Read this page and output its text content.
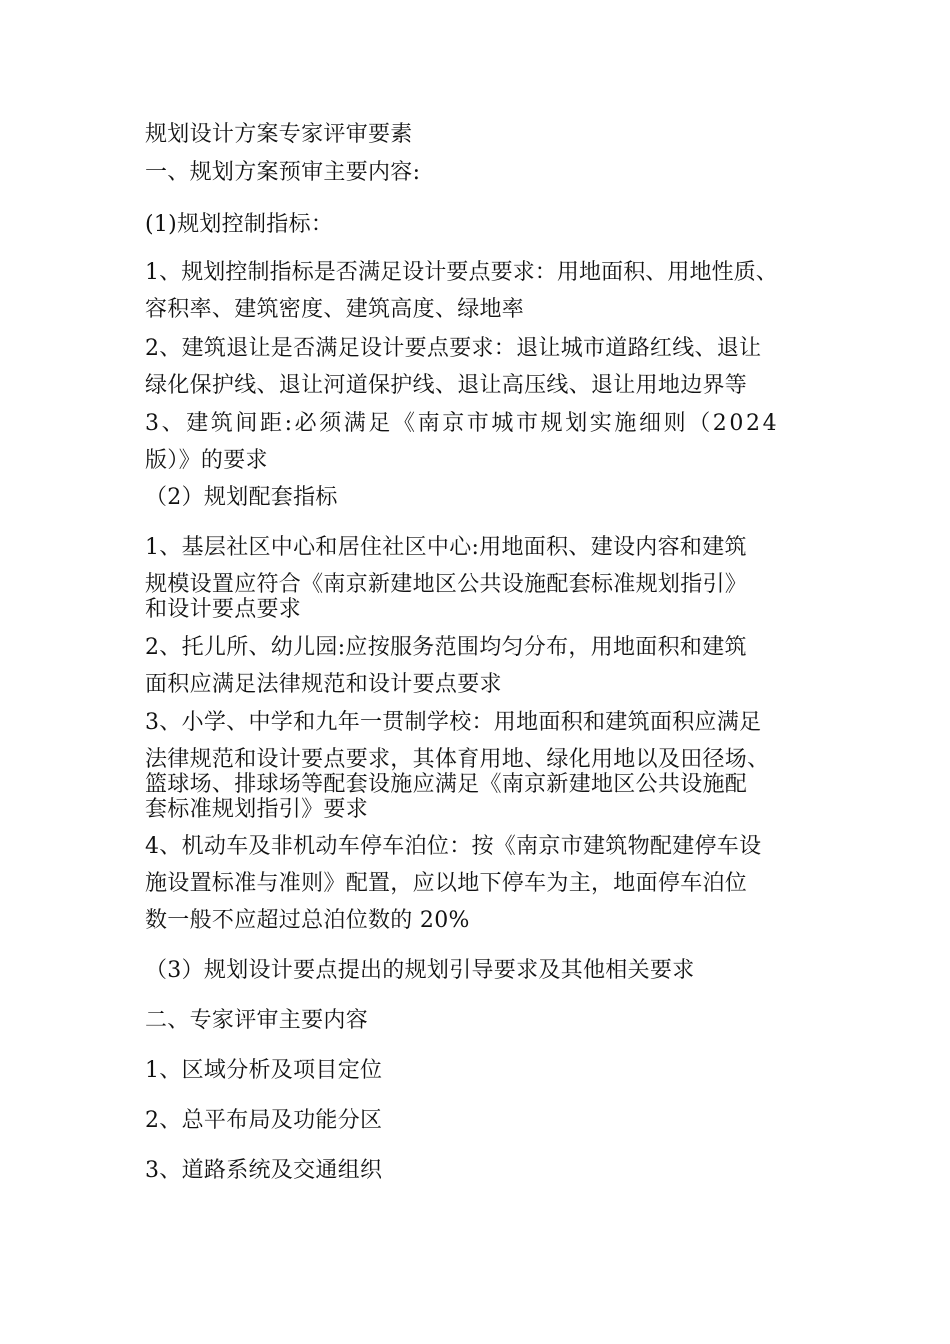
规划设计方案专家评审要素
一、规划方案预审主要内容:
(1)规划控制指标：
1、规划控制指标是否满足设计要点要求：用地面积、用地性质、
容积率、建筑密度、建筑高度、绿地率
2、建筑退让是否满足设计要点要求：退让城市道路红线、退让
绿化保护线、退让河道保护线、退让高压线、退让用地边界等
3、建筑间距:必须满足《南京市城市规划实施细则（2024
版）》的要求
（2）规划配套指标
1、基层社区中心和居住社区中心:用地面积、建设内容和建筑
规模设置应符合《南京新建地区公共设施配套标准规划指引》
和设计要点要求
2、托儿所、幼儿园:应按服务范围均匀分布，用地面积和建筑
面积应满足法律规范和设计要点要求
3、小学、中学和九年一贯制学校：用地面积和建筑面积应满足
法律规范和设计要点要求，其体育用地、绿化用地以及田径场、
篮球场、排球场等配套设施应满足《南京新建地区公共设施配
套标准规划指引》要求
4、机动车及非机动车停车泊位：按《南京市建筑物配建停车设
施设置标准与准则》配置，应以地下停车为主，地面停车泊位
数一般不应超过总泊位数的 20%
（3）规划设计要点提出的规划引导要求及其他相关要求
二、专家评审主要内容
1、区域分析及项目定位
2、总平布局及功能分区
3、道路系统及交通组织
